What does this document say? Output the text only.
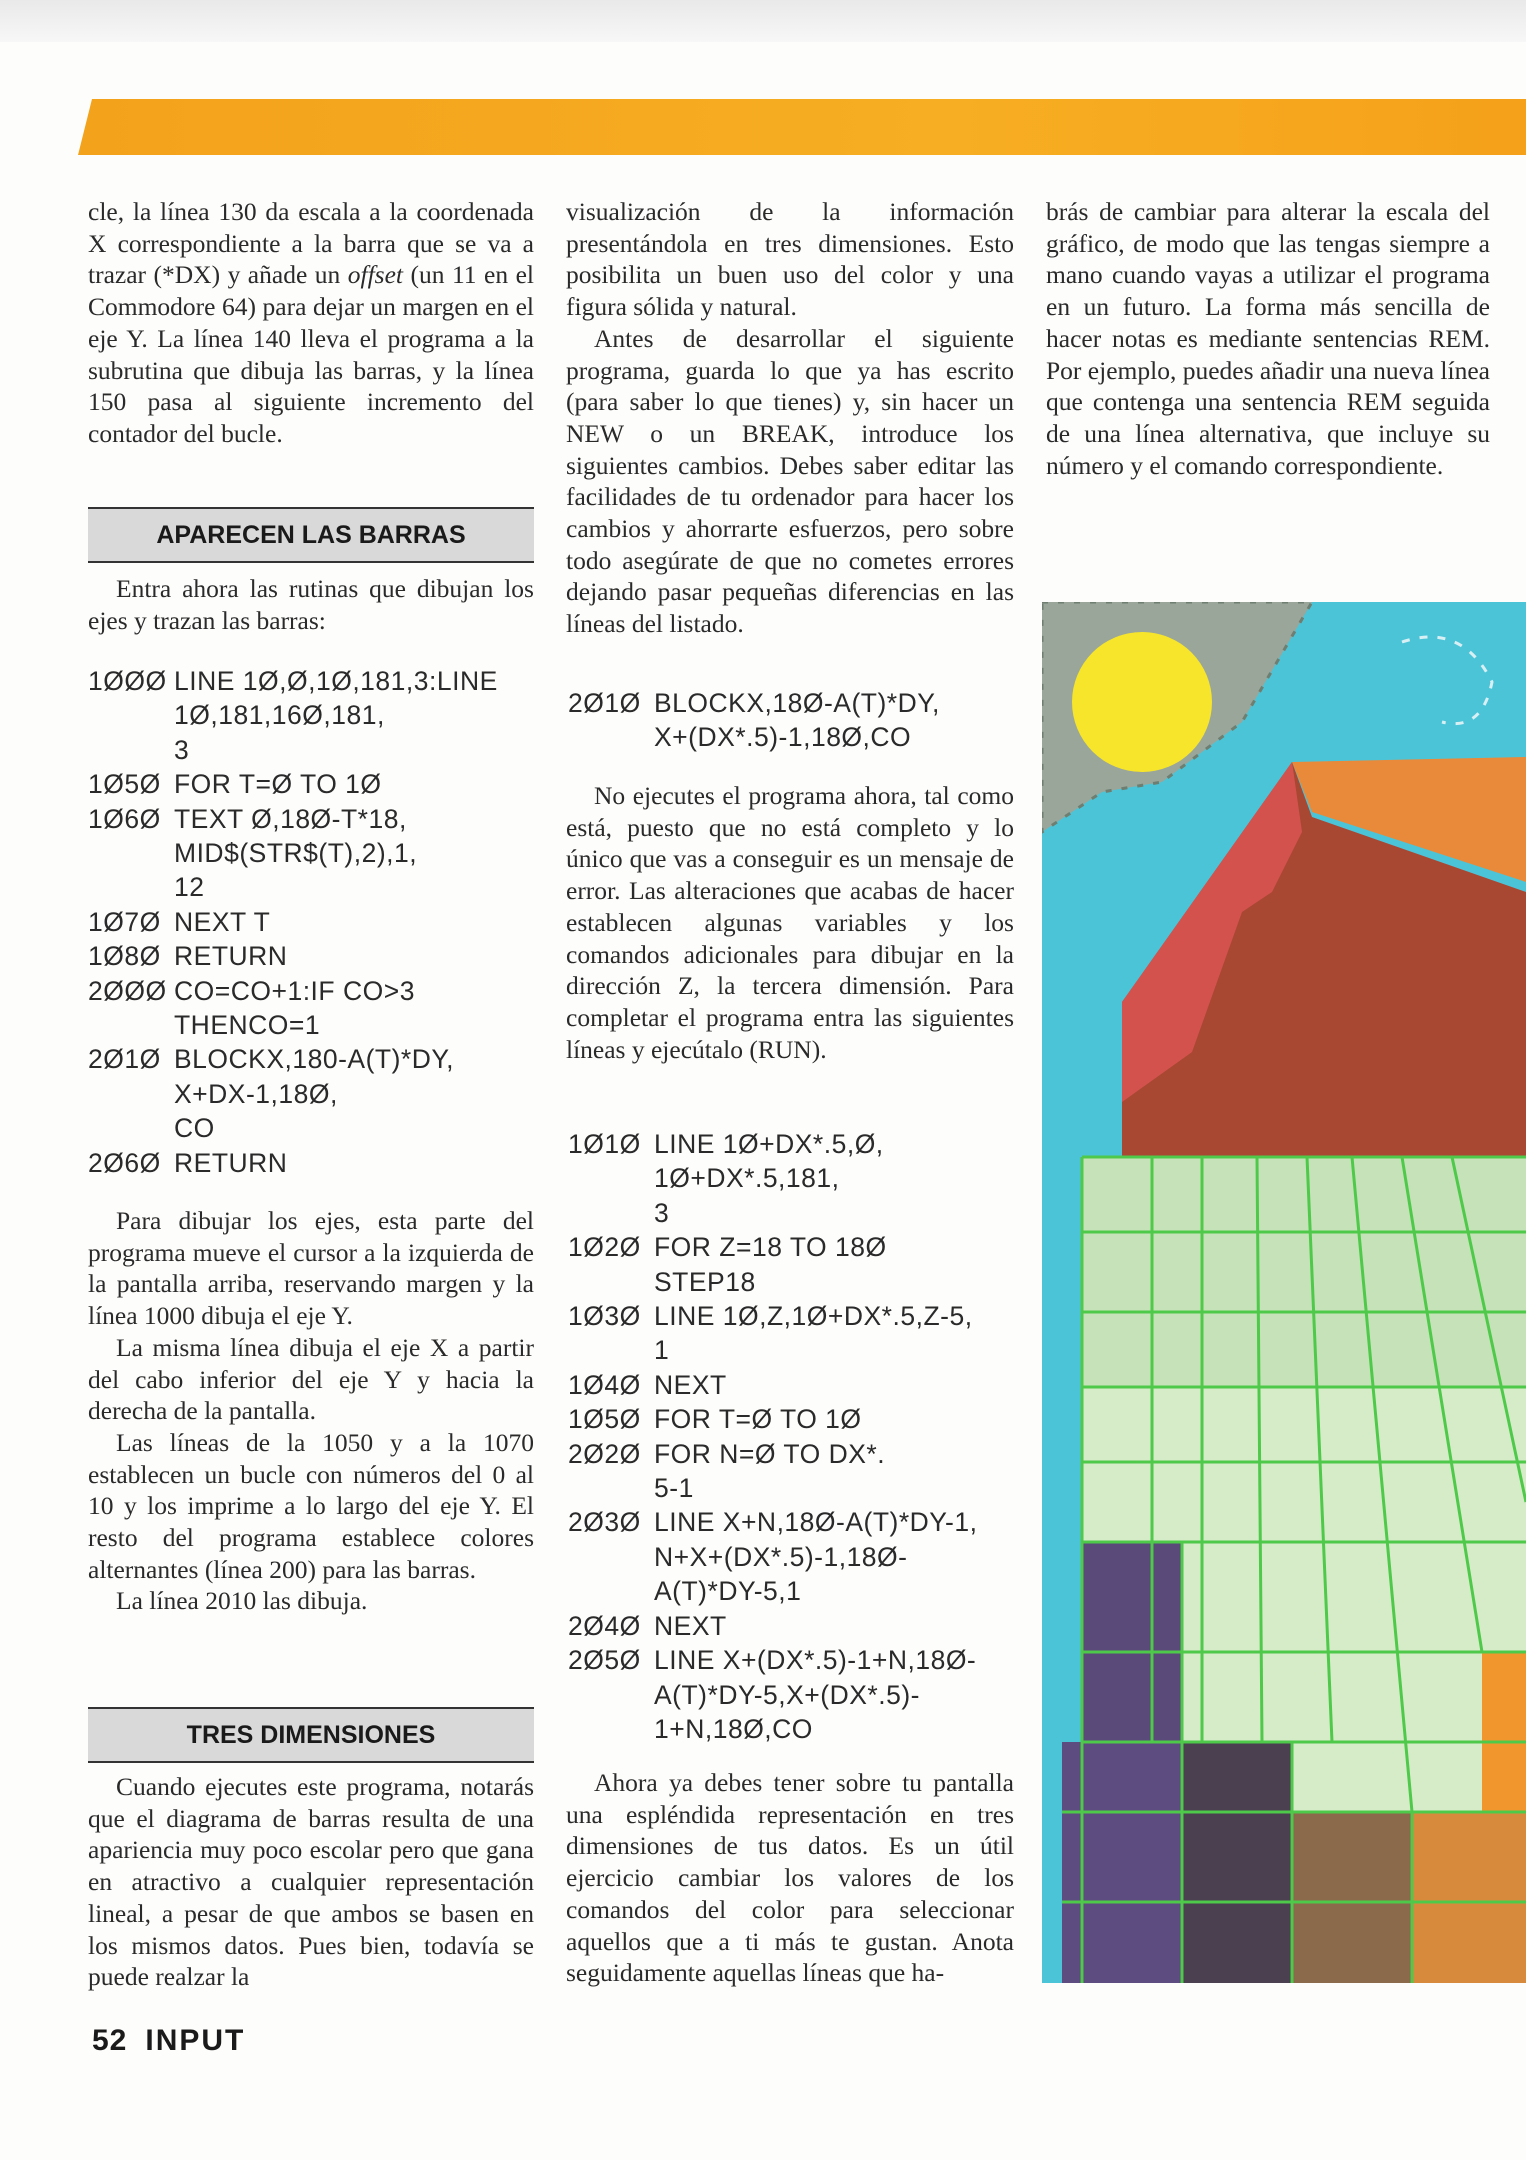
cle, la línea 130 da escala a la coordenada X correspondiente a la barra que se va a trazar (*DX) y añade un offset (un 11 en el Commodore 64) para dejar un margen en el eje Y. La línea 140 lleva el programa a la subrutina que dibuja las barras, y la línea 150 pasa al siguiente incremento del contador del bucle.

APARECEN LAS BARRAS

Entra ahora las rutinas que dibujan los ejes y trazan las barras:

1ØØØ LINE 1Ø,Ø,1Ø,181,3:LINE
1Ø,181,16Ø,181,
3
1Ø5Ø FOR T=Ø TO 1Ø
1Ø6Ø TEXT Ø,18Ø-T*18,
MID$(STR$(T),2),1,
12
1Ø7Ø NEXT T
1Ø8Ø RETURN
2ØØØ CO=CO+1:IF CO>3
THENCO=1
2Ø1Ø BLOCKX,180-A(T)*DY,
X+DX-1,18Ø,
CO
2Ø6Ø RETURN

Para dibujar los ejes, esta parte del programa mueve el cursor a la izquierda de la pantalla arriba, reservando margen y la línea 1000 dibuja el eje Y.

La misma línea dibuja el eje X a partir del cabo inferior del eje Y y hacia la derecha de la pantalla.

Las líneas de la 1050 y a la 1070 establecen un bucle con números del 0 al 10 y los imprime a lo largo del eje Y. El resto del programa establece colores alternantes (línea 200) para las barras.

La línea 2010 las dibuja.

TRES DIMENSIONES

Cuando ejecutes este programa, notarás que el diagrama de barras resulta de una apariencia muy poco escolar pero que gana en atractivo a cualquier representación lineal, a pesar de que ambos se basen en los mismos datos. Pues bien, todavía se puede realzar la

visualización de la información presentándola en tres dimensiones. Esto posibilita un buen uso del color y una figura sólida y natural.

Antes de desarrollar el siguiente programa, guarda lo que ya has escrito (para saber lo que tienes) y, sin hacer un NEW o un BREAK, introduce los siguientes cambios. Debes saber editar las facilidades de tu ordenador para hacer los cambios y ahorrarte esfuerzos, pero sobre todo asegúrate de que no cometes errores dejando pasar pequeñas diferencias en las líneas del listado.

2Ø1Ø BLOCKX,18Ø-A(T)*DY,
X+(DX*.5)-1,18Ø,CO

No ejecutes el programa ahora, tal como está, puesto que no está completo y lo único que vas a conseguir es un mensaje de error. Las alteraciones que acabas de hacer establecen algunas variables y los comandos adicionales para dibujar en la dirección Z, la tercera dimensión. Para completar el programa entra las siguientes líneas y ejecútalo (RUN).

1Ø1Ø LINE 1Ø+DX*.5,Ø,
1Ø+DX*.5,181,
3
1Ø2Ø FOR Z=18 TO 18Ø
STEP18
1Ø3Ø LINE 1Ø,Z,1Ø+DX*.5,Z-5,
1
1Ø4Ø NEXT
1Ø5Ø FOR T=Ø TO 1Ø
2Ø2Ø FOR N=Ø TO DX*.
5-1
2Ø3Ø LINE X+N,18Ø-A(T)*DY-1,
N+X+(DX*.5)-1,18Ø-
A(T)*DY-5,1
2Ø4Ø NEXT
2Ø5Ø LINE X+(DX*.5)-1+N,18Ø-
A(T)*DY-5,X+(DX*.5)-
1+N,18Ø,CO

Ahora ya debes tener sobre tu pantalla una espléndida representación en tres dimensiones de tus datos. Es un útil ejercicio cambiar los valores de los comandos del color para seleccionar aquellos que a ti más te gustan. Anota seguidamente aquellas líneas que ha-

brás de cambiar para alterar la escala del gráfico, de modo que las tengas siempre a mano cuando vayas a utilizar el programa en un futuro. La forma más sencilla de hacer notas es mediante sentencias REM. Por ejemplo, puedes añadir una nueva línea que contenga una sentencia REM seguida de una línea alternativa, que incluye su número y el comando correspondiente.

52 INPUT
